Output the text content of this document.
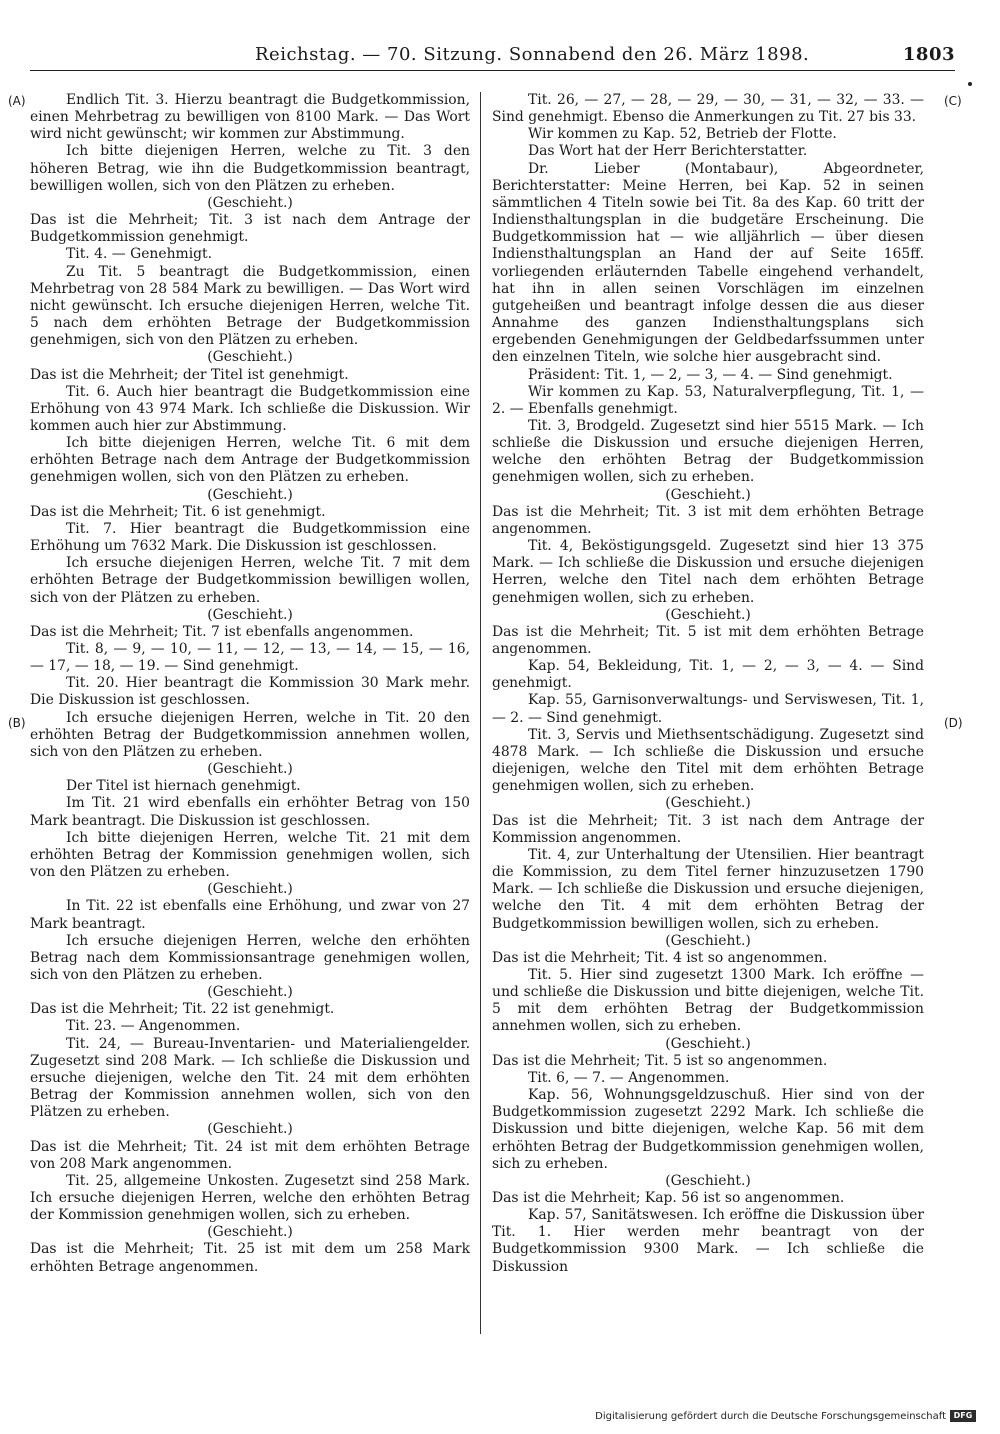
Reichstag. — 70. Sitzung. Sonnabend den 26. März 1898.	1803
(A)
(B)
(C)
(D)

Endlich Tit. 3. Hierzu beantragt die Budgetkommission, einen Mehrbetrag zu bewilligen von 8100 Mark. — Das Wort wird nicht gewünscht; wir kommen zur Abstimmung.

Ich bitte diejenigen Herren, welche zu Tit. 3 den höheren Betrag, wie ihn die Budgetkommission beantragt, bewilligen wollen, sich von den Plätzen zu erheben.

(Geschieht.)

Das ist die Mehrheit; Tit. 3 ist nach dem Antrage der Budgetkommission genehmigt.

Tit. 4. — Genehmigt.

Zu Tit. 5 beantragt die Budgetkommission, einen Mehrbetrag von 28 584 Mark zu bewilligen. — Das Wort wird nicht gewünscht. Ich ersuche diejenigen Herren, welche Tit. 5 nach dem erhöhten Betrage der Budgetkommission genehmigen, sich von den Plätzen zu erheben.

(Geschieht.)

Das ist die Mehrheit; der Titel ist genehmigt.

Tit. 6. Auch hier beantragt die Budgetkommission eine Erhöhung von 43 974 Mark. Ich schließe die Diskussion. Wir kommen auch hier zur Abstimmung.

Ich bitte diejenigen Herren, welche Tit. 6 mit dem erhöhten Betrage nach dem Antrage der Budgetkommission genehmigen wollen, sich von den Plätzen zu erheben.

(Geschieht.)

Das ist die Mehrheit; Tit. 6 ist genehmigt.

Tit. 7. Hier beantragt die Budgetkommission eine Erhöhung um 7632 Mark. Die Diskussion ist geschlossen.

Ich ersuche diejenigen Herren, welche Tit. 7 mit dem erhöhten Betrage der Budgetkommission bewilligen wollen, sich von der Plätzen zu erheben.

(Geschieht.)

Das ist die Mehrheit; Tit. 7 ist ebenfalls angenommen.

Tit. 8, — 9, — 10, — 11, — 12, — 13, — 14, — 15, — 16, — 17, — 18, — 19. — Sind genehmigt.

Tit. 20. Hier beantragt die Kommission 30 Mark mehr. Die Diskussion ist geschlossen.

Ich ersuche diejenigen Herren, welche in Tit. 20 den erhöhten Betrag der Budgetkommission annehmen wollen, sich von den Plätzen zu erheben.

(Geschieht.)

Der Titel ist hiernach genehmigt.

Im Tit. 21 wird ebenfalls ein erhöhter Betrag von 150 Mark beantragt. Die Diskussion ist geschlossen.

Ich bitte diejenigen Herren, welche Tit. 21 mit dem erhöhten Betrag der Kommission genehmigen wollen, sich von den Plätzen zu erheben.

(Geschieht.)

In Tit. 22 ist ebenfalls eine Erhöhung, und zwar von 27 Mark beantragt.

Ich ersuche diejenigen Herren, welche den erhöhten Betrag nach dem Kommissionsantrage genehmigen wollen, sich von den Plätzen zu erheben.

(Geschieht.)

Das ist die Mehrheit; Tit. 22 ist genehmigt.

Tit. 23. — Angenommen.

Tit. 24, — Bureau-Inventarien- und Materialiengelder. Zugesetzt sind 208 Mark. — Ich schließe die Diskussion und ersuche diejenigen, welche den Tit. 24 mit dem erhöhten Betrag der Kommission annehmen wollen, sich von den Plätzen zu erheben.

(Geschieht.)

Das ist die Mehrheit; Tit. 24 ist mit dem erhöhten Betrage von 208 Mark angenommen.

Tit. 25, allgemeine Unkosten. Zugesetzt sind 258 Mark. Ich ersuche diejenigen Herren, welche den erhöhten Betrag der Kommission genehmigen wollen, sich zu erheben.

(Geschieht.)

Das ist die Mehrheit; Tit. 25 ist mit dem um 258 Mark erhöhten Betrage angenommen.

Tit. 26, — 27, — 28, — 29, — 30, — 31, — 32, — 33. — Sind genehmigt. Ebenso die Anmerkungen zu Tit. 27 bis 33.

Wir kommen zu Kap. 52, Betrieb der Flotte.

Das Wort hat der Herr Berichterstatter.

Dr. Lieber (Montabaur), Abgeordneter, Berichterstatter: Meine Herren, bei Kap. 52 in seinen sämmtlichen 4 Titeln sowie bei Tit. 8a des Kap. 60 tritt der Indiensthaltungsplan in die budgetäre Erscheinung. Die Budgetkommission hat — wie alljährlich — über diesen Indiensthaltungsplan an Hand der auf Seite 165ff. vorliegenden erläuternden Tabelle eingehend verhandelt, hat ihn in allen seinen Vorschlägen im einzelnen gutgeheißen und beantragt infolge dessen die aus dieser Annahme des ganzen Indiensthaltungsplans sich ergebenden Genehmigungen der Geldbedarfssummen unter den einzelnen Titeln, wie solche hier ausgebracht sind.

Präsident: Tit. 1, — 2, — 3, — 4. — Sind genehmigt.

Wir kommen zu Kap. 53, Naturalverpflegung, Tit. 1, — 2. — Ebenfalls genehmigt.

Tit. 3, Brodgeld. Zugesetzt sind hier 5515 Mark. — Ich schließe die Diskussion und ersuche diejenigen Herren, welche den erhöhten Betrag der Budgetkommission genehmigen wollen, sich zu erheben.

(Geschieht.)

Das ist die Mehrheit; Tit. 3 ist mit dem erhöhten Betrage angenommen.

Tit. 4, Beköstigungsgeld. Zugesetzt sind hier 13 375 Mark. — Ich schließe die Diskussion und ersuche diejenigen Herren, welche den Titel nach dem erhöhten Betrage genehmigen wollen, sich zu erheben.

(Geschieht.)

Das ist die Mehrheit; Tit. 5 ist mit dem erhöhten Betrage angenommen.

Kap. 54, Bekleidung, Tit. 1, — 2, — 3, — 4. — Sind genehmigt.

Kap. 55, Garnisonverwaltungs- und Serviswesen, Tit. 1, — 2. — Sind genehmigt.

Tit. 3, Servis und Miethsentschädigung. Zugesetzt sind 4878 Mark. — Ich schließe die Diskussion und ersuche diejenigen, welche den Titel mit dem erhöhten Betrage genehmigen wollen, sich zu erheben.

(Geschieht.)

Das ist die Mehrheit; Tit. 3 ist nach dem Antrage der Kommission angenommen.

Tit. 4, zur Unterhaltung der Utensilien. Hier beantragt die Kommission, zu dem Titel ferner hinzuzusetzen 1790 Mark. — Ich schließe die Diskussion und ersuche diejenigen, welche den Tit. 4 mit dem erhöhten Betrag der Budgetkommission bewilligen wollen, sich zu erheben.

(Geschieht.)

Das ist die Mehrheit; Tit. 4 ist so angenommen.

Tit. 5. Hier sind zugesetzt 1300 Mark. Ich eröffne — und schließe die Diskussion und bitte diejenigen, welche Tit. 5 mit dem erhöhten Betrag der Budgetkommission annehmen wollen, sich zu erheben.

(Geschieht.)

Das ist die Mehrheit; Tit. 5 ist so angenommen.

Tit. 6, — 7. — Angenommen.

Kap. 56, Wohnungsgeldzuschuß. Hier sind von der Budgetkommission zugesetzt 2292 Mark. Ich schließe die Diskussion und bitte diejenigen, welche Kap. 56 mit dem erhöhten Betrag der Budgetkommission genehmigen wollen, sich zu erheben.

(Geschieht.)

Das ist die Mehrheit; Kap. 56 ist so angenommen.

Kap. 57, Sanitätswesen. Ich eröffne die Diskussion über Tit. 1. Hier werden mehr beantragt von der Budgetkommission 9300 Mark. — Ich schließe die Diskussion

Digitalisierung gefördert durch die Deutsche Forschungsgemeinschaft DFG
